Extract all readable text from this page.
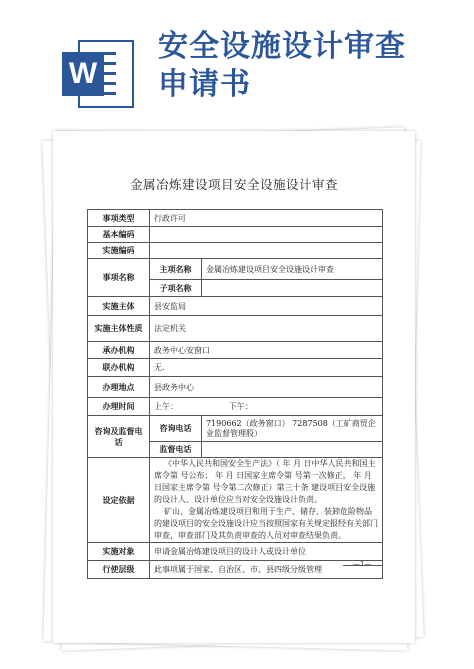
W
安全设施设计审查
申请书
金属冶炼建设项目安全设施设计审查
事项类型	行政许可	
基本编码		
实施编码		
事项名称	主项名称	金属冶炼建设项目安全设施设计审查
	子项名称	
实施主体	县安监局	
实施主体性质	法定机关	
承办机构	政务中心安窗口	
联办机构	无.	
办理地点	县政务中心	
办理时间	上午：                    下午：	
咨询及监督电话	咨询电话	7190662（政务窗口） 7287508（工矿商贸企业监督管理股）
	监督电话	
设定依据	《中华人民共和国安全生产法》（ 年 月 日中华人民共和国主席令第 号公布； 年 月 日国家主席令第 号第一次修正， 年 月 日国家主席令第 号令第二次修正）第三十条 建设项目安全设施的设计人、设计单位应当对安全设施设计负责。

矿山、金属冶炼建设项目和用于生产、储存、装卸危险物品的建设项目的安全设施设计应当按照国家有关规定报经有关部门审查，审查部门及其负责审查的人员对审查结果负责。	

实施对象	申请金属冶炼建设项目的设计人或设计单位	
行使层级	此事项属于国家、自治区、市、县四级分级管理	
—1—
